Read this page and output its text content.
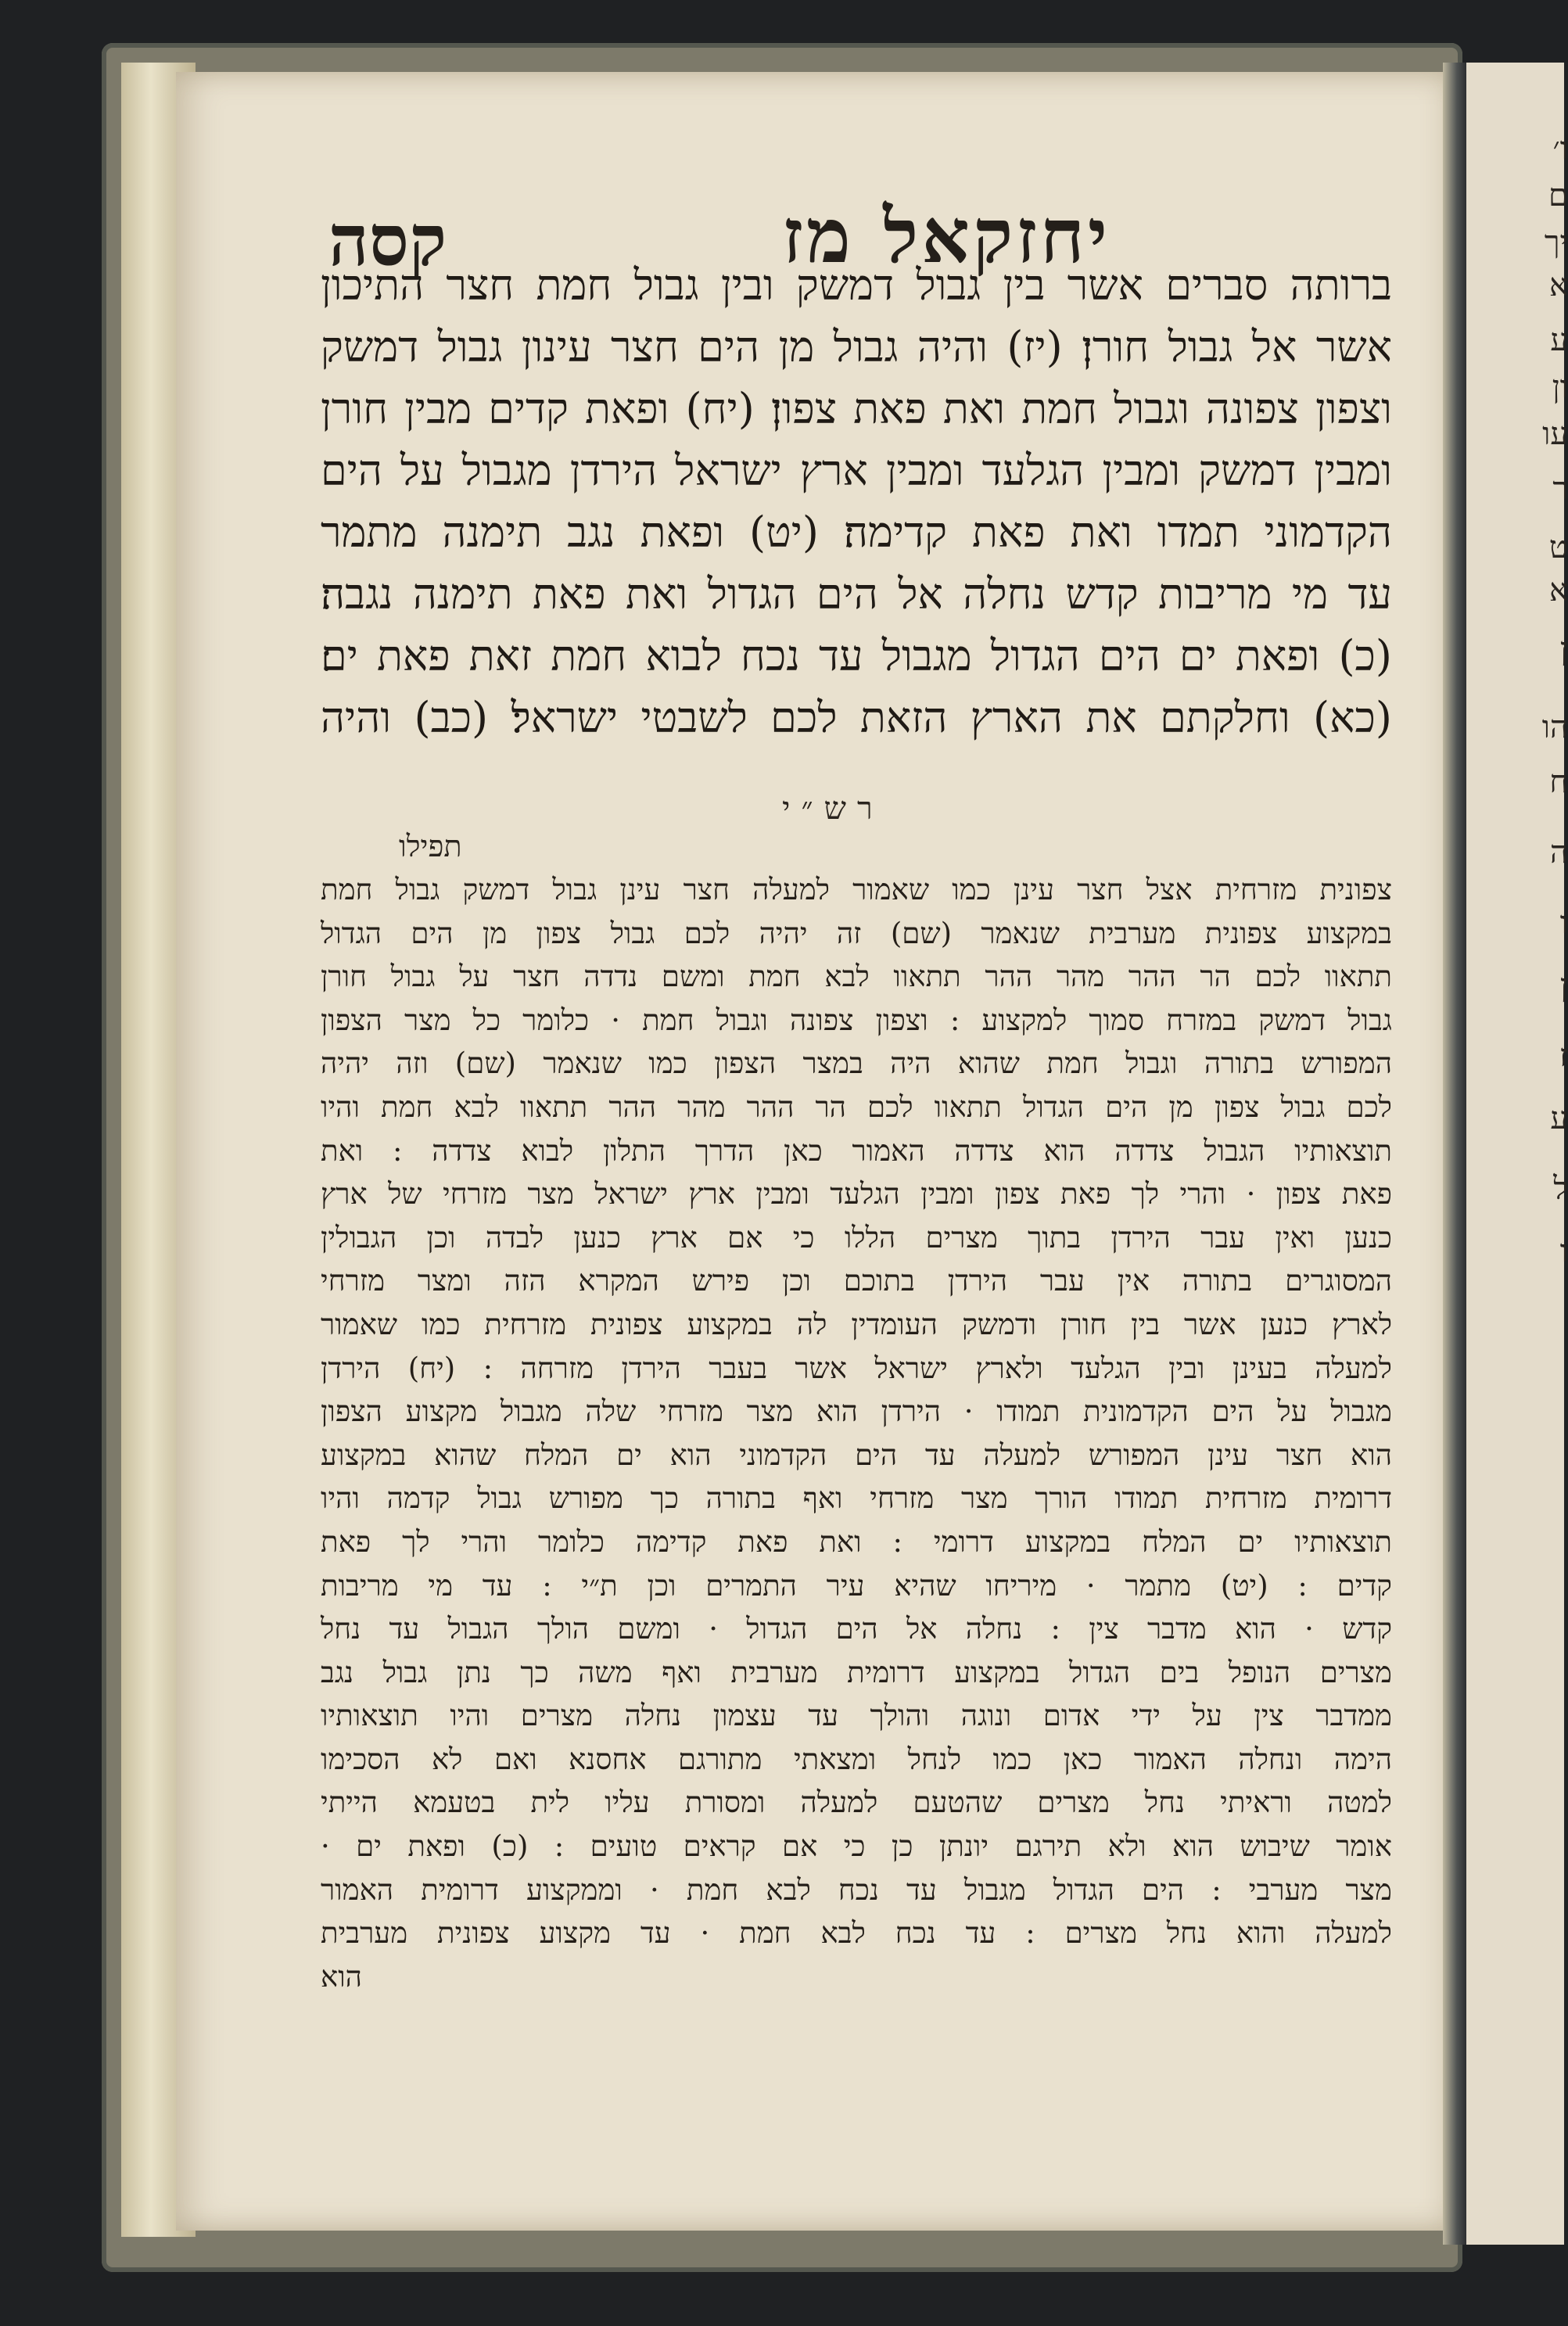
ו׳
ם
יך
א
ע
ון
עו
ר
ט
א
ן
הו
ח
ה
ו
ן
ז
ע
ל
ו
יחזקאל מז
קסה
ברותה סברים אשר בין גבול דמשק ובין גבול חמת חצר התיכון
אשר אל גבול חורן׃ (יז) והיה גבול מן הים חצר עינון גבול דמשק
וצפון צפונה וגבול חמת ואת פאת צפון׃ (יח) ופאת קדים מבין חורן
ומבין דמשק ומבין הגלעד ומבין ארץ ישראל הירדן מגבול על הים
הקדמוני תמדו ואת פאת קדימה׃ (יט) ופאת נגב תימנה מתמר
עד מי מריבות קדש נחלה אל הים הגדול ואת פאת תימנה נגבה׃
(כ) ופאת ים הים הגדול מגבול עד נכח לבוא חמת זאת פאת ים׃
(כא) וחלקתם את הארץ הזאת לכם לשבטי ישראל׃ (כב) והיה
רש״י
תפילו
צפונית מזרחית אצל חצר עינן כמו שאמור למעלה חצר עינן גבול דמשק גבול חמת
במקצוע צפונית מערבית שנאמר (שם) זה יהיה לכם גבול צפון מן הים הגדול
תתאוו לכם הר ההר מהר ההר תתאוו לבא חמת ומשם נדדה חצר על גבול חורן
גבול דמשק במזרח סמוך למקצוע : וצפון צפונה וגבול חמת · כלומר כל מצר הצפון
המפורש בתורה וגבול חמת שהוא היה במצר הצפון כמו שנאמר (שם) וזה יהיה
לכם גבול צפון מן הים הגדול תתאוו לכם הר ההר מהר ההר תתאוו לבא חמת והיו
תוצאותיו הגבול צדדה הוא צדדה האמור כאן הדרך התלון לבוא צדדה : ואת
פאת צפון · והרי לך פאת צפון ומבין הגלעד ומבין ארץ ישראל מצר מזרחי של ארץ
כנען ואין עבר הירדן בתוך מצרים הללו כי אם ארץ כנען לבדה וכן הגבולין
המסוגרים בתורה אין עבר הירדן בתוכם וכן פירש המקרא הזה ומצר מזרחי
לארץ כנען אשר בין חורן ודמשק העומדין לה במקצוע צפונית מזרחית כמו שאמור
למעלה בעינן ובין הגלעד ולארץ ישראל אשר בעבר הירדן מזרחה : (יח) הירדן
מגבול על הים הקדמונית תמודו · הירדן הוא מצר מזרחי שלה מגבול מקצוע הצפון
הוא חצר עינן המפורש למעלה עד הים הקדמוני הוא ים המלח שהוא במקצוע
דרומית מזרחית תמודו הורך מצר מזרחי ואף בתורה כך מפורש גבול קדמה והיו
תוצאותיו ים המלח במקצוע דרומי : ואת פאת קדימה כלומר והרי לך פאת
קדים : (יט) מתמר · מיריחו שהיא עיר התמרים וכן ת״י : עד מי מריבות
קדש · הוא מדבר צין : נחלה אל הים הגדול · ומשם הולך הגבול עד נחל
מצרים הנופל בים הגדול במקצוע דרומית מערבית ואף משה כך נתן גבול נגב
ממדבר צין על ידי אדום ונוגה והולך עד עצמון נחלה מצרים והיו תוצאותיו
הימה ונחלה האמור כאן כמו לנחל ומצאתי מתורגם אחסנא ואם לא הסכימו
למטה וראיתי נחל מצרים שהטעם למעלה ומסורת עליו לית בטעמא הייתי
אומר שיבוש הוא ולא תירגם יונתן כן כי אם קראים טועים : (כ) ופאת ים ·
מצר מערבי : הים הגדול מגבול עד נכח לבא חמת · וממקצוע דרומית האמור
למעלה והוא נחל מצרים : עד נכח לבא חמת · עד מקצוע צפונית מערבית
הוא
